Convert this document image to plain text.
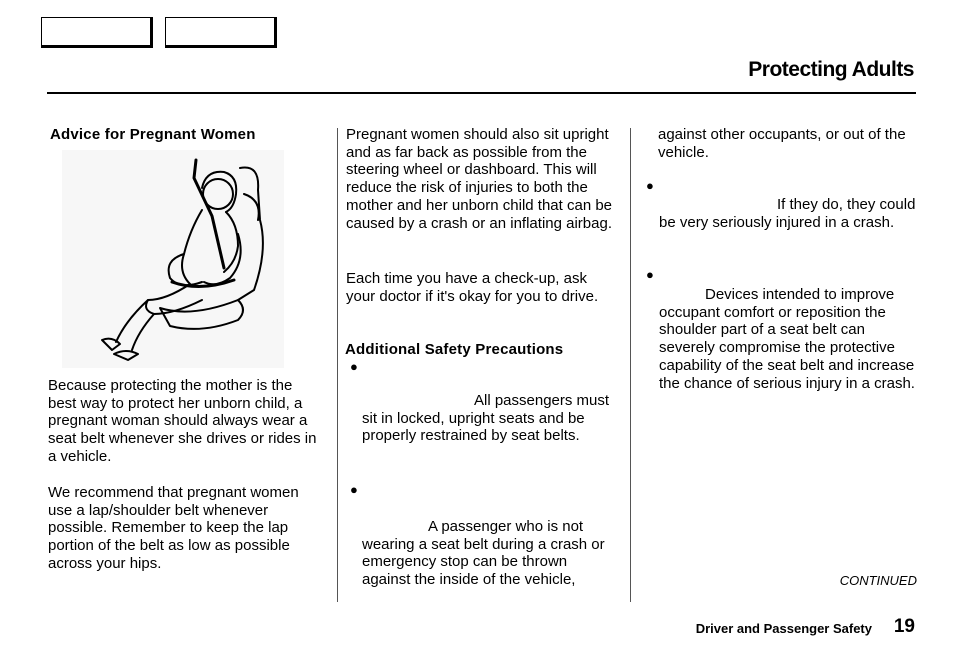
Protecting Adults
Advice for Pregnant Women
Because protecting the mother is the best way to protect her unborn child, a pregnant woman should always wear a seat belt whenever she drives or rides in a vehicle.
We recommend that pregnant women use a lap/shoulder belt whenever possible. Remember to keep the lap portion of the belt as low as possible across your hips.
Pregnant women should also sit upright and as far back as possible from the steering wheel or dashboard. This will reduce the risk of injuries to both the mother and her unborn child that can be caused by a crash or an inflating airbag.
Each time you have a check-up, ask your doctor if it's okay for you to drive.
Additional Safety Precautions
●
All passengers must sit in locked, upright seats and be properly restrained by seat belts.
●
A passenger who is not wearing a seat belt during a crash or emergency stop can be thrown against the inside of the vehicle,
against other occupants, or out of the vehicle.
●
If they do, they could be very seriously injured in a crash.
●
Devices intended to improve occupant comfort or reposition the shoulder part of a seat belt can severely compromise the protective capability of the seat belt and increase the chance of serious injury in a crash.
CONTINUED
Driver and Passenger Safety 19
